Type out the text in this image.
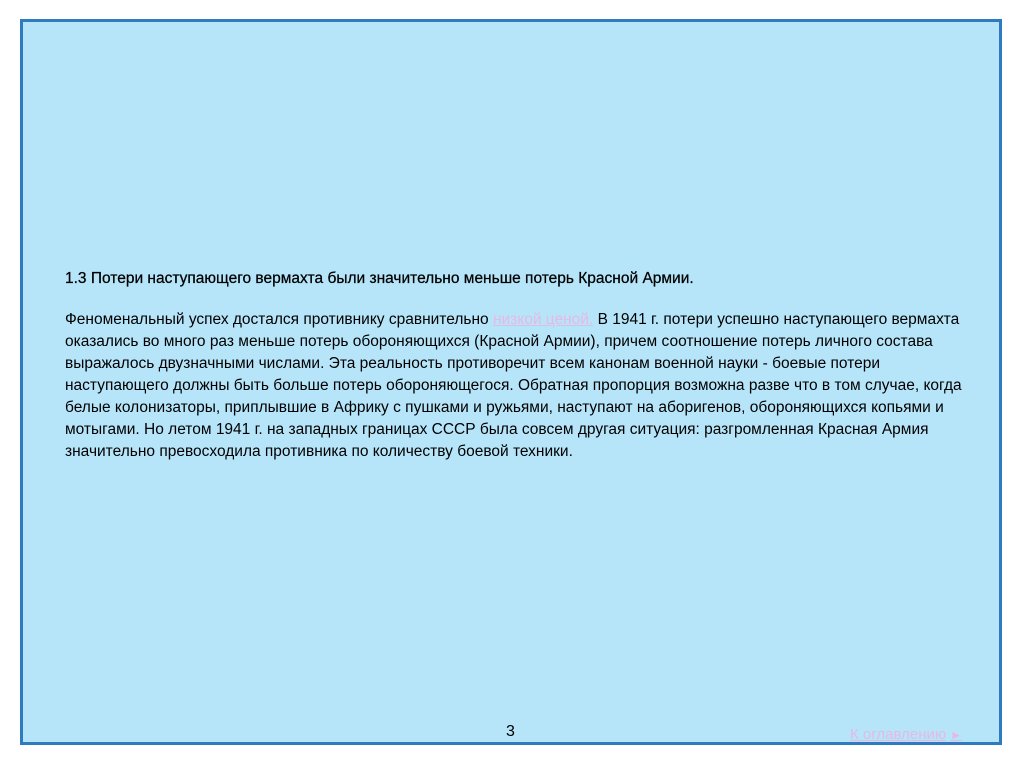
1.3 Потери наступающего вермахта были значительно меньше потерь Красной Армии.

Феноменальный успех достался противнику сравнительно низкой ценой. В 1941 г. потери успешно наступающего вермахта оказались во много раз меньше потерь обороняющихся (Красной Армии), причем соотношение потерь личного состава выражалось двузначными числами. Эта реальность противоречит всем канонам военной науки - боевые потери наступающего должны быть больше потерь обороняющегося. Обратная пропорция возможна разве что в том случае, когда белые колонизаторы, приплывшие в Африку с пушками и ружьями, наступают на аборигенов, обороняющихся копьями и мотыгами. Но летом 1941 г. на западных границах СССР была совсем другая ситуация: разгромленная Красная Армия значительно превосходила противника по количеству боевой техники.

3	К оглавлению ►
